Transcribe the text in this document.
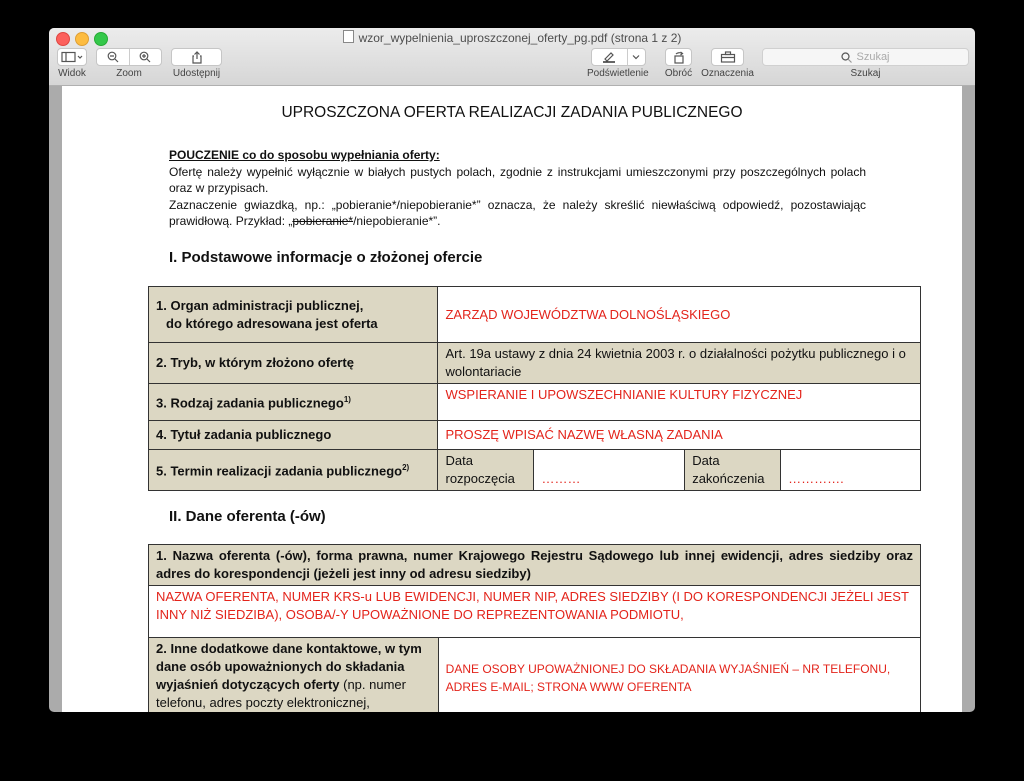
wzor_wypelnienia_uproszczonej_oferty_pg.pdf (strona 1 z 2)
Widok	Zoom	Udostępnij	Podświetlenie	Obróć Oznaczenia
Szukaj
Szukaj
UPROSZCZONA OFERTA REALIZACJI ZADANIA PUBLICZNEGO
POUCZENIE co do sposobu wypełniania oferty:
Ofertę należy wypełnić wyłącznie w białych pustych polach, zgodnie z instrukcjami umieszczonymi przy poszczególnych polach oraz w przypisach.
Zaznaczenie gwiazdką, np.: „pobieranie*/niepobieranie*” oznacza, że należy skreślić niewłaściwą odpowiedź, pozostawiając prawidłową. Przykład: „pobieranie*/niepobieranie*”.
I. Podstawowe informacje o złożonej ofercie
1. Organ administracji publicznej,
do którego adresowana jest oferta	ZARZĄD WOJEWÓDZTWA DOLNOŚLĄSKIEGO			
2. Tryb, w którym złożono ofertę	Art. 19a ustawy z dnia 24 kwietnia 2003 r. o działalności pożytku publicznego i o wolontariacie			
3. Rodzaj zadania publicznego$^{1)}$	WSPIERANIE I UPOWSZECHNIANIE KULTURY FIZYCZNEJ			
4. Tytuł zadania publicznego	PROSZĘ WPISAĆ NAZWĘ WŁASNĄ ZADANIA			
5. Termin realizacji zadania publicznego$^{2)}$	Data rozpoczęcia	………	Data zakończenia	………….
II. Dane oferenta (-ów)
1. Nazwa oferenta (-ów), forma prawna, numer Krajowego Rejestru Sądowego lub innej ewidencji, adres siedziby oraz adres do korespondencji (jeżeli jest inny od adresu siedziby)
NAZWA OFERENTA, NUMER KRS-u LUB EWIDENCJI, NUMER NIP, ADRES SIEDZIBY (I DO KORESPONDENCJI JEŻELI JEST INNY NIŻ SIEDZIBA), OSOBA/-Y UPOWAŻNIONE DO REPREZENTOWANIA PODMIOTU,
2. Inne dodatkowe dane kontaktowe, w tym dane osób upoważnionych do składania wyjaśnień dotyczących oferty (np. numer telefonu, adres poczty elektronicznej,	DANE OSOBY UPOWAŻNIONEJ DO SKŁADANIA WYJAŚNIEŃ – NR TELEFONU, ADRES E-MAIL; STRONA WWW OFERENTA
